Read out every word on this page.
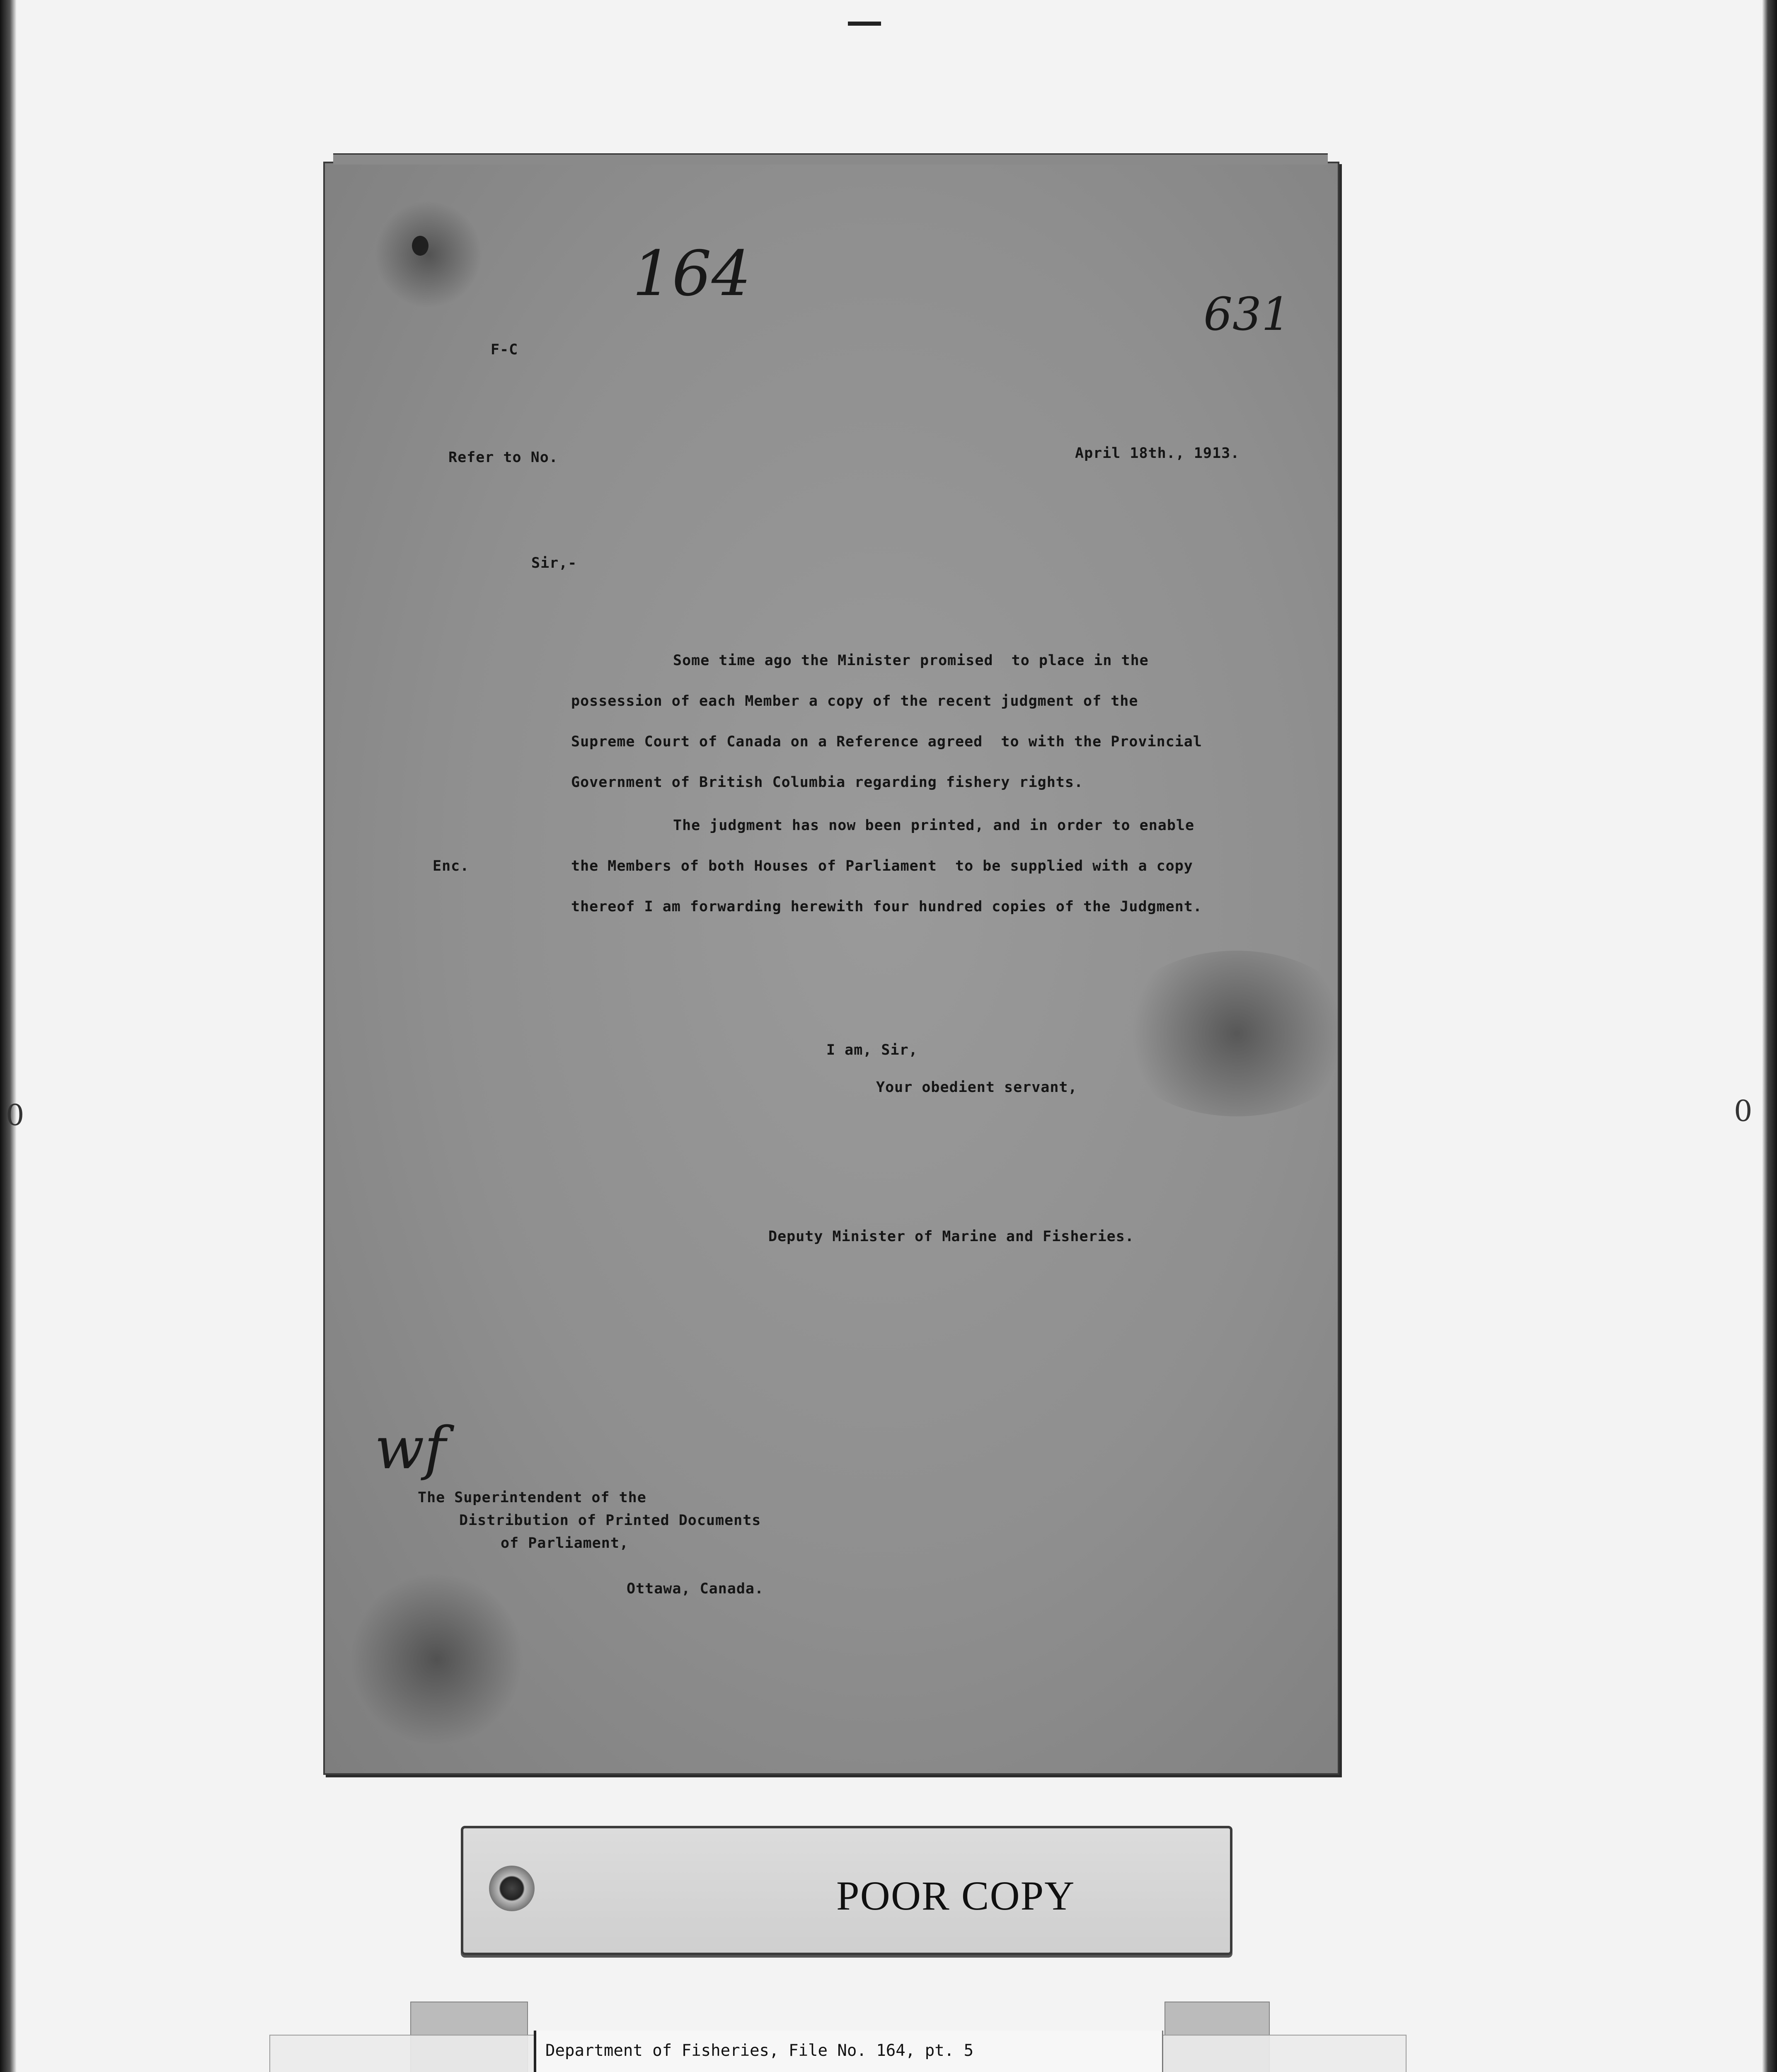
0	0
164
631
F-C
Refer to No.	April 18th., 1913.
Sir,-
Some time ago the Minister promised  to place in the
possession of each Member a copy of the recent judgment of the
Supreme Court of Canada on a Reference agreed  to with the Provincial
Government of British Columbia regarding fishery rights.
The judgment has now been printed, and in order to enable
Enc.	the Members of both Houses of Parliament  to be supplied with a copy
thereof I am forwarding herewith four hundred copies of the Judgment.
I am, Sir,
Your obedient servant,
Deputy Minister of Marine and Fisheries.
wf
The Superintendent of the
Distribution of Printed Documents
of Parliament,
Ottawa, Canada.
POOR COPY
Department of Fisheries, File No. 164, pt. 5
